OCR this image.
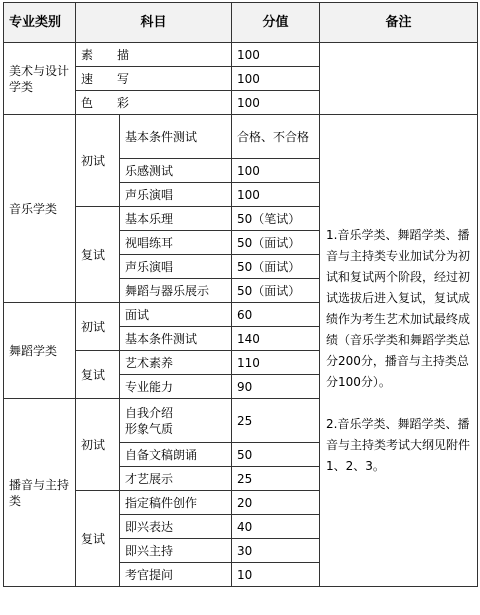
专业类别	科目		分值	备注
美术与设计学类	素　　描		100	
	速　　写		100	
	色　　彩		100	
音乐学类	初试	基本条件测试	合格、不合格	1.音乐学类、舞蹈学类、播音与主持类专业加试分为初试和复试两个阶段，经过初试选拔后进入复试，复试成绩作为考生艺术加试最终成绩（音乐学类和舞蹈学类总分200分，播音与主持类总分100分）。
2.音乐学类、舞蹈学类、播音与主持类考试大纲见附件1、2、3。

		乐感测试	100	
		声乐演唱	100	
	复试	基本乐理	50（笔试）	
		视唱练耳	50（面试）	
		声乐演唱	50（面试）	
		舞蹈与器乐展示	50（面试）	
舞蹈学类	初试	面试	60	
		基本条件测试	140	
	复试	艺术素养	110	
		专业能力	90	
播音与主持类	初试	自我介绍
形象气质	25	
		自备文稿朗诵	50	
		才艺展示	25	
	复试	指定稿件创作	20	
		即兴表达	40	
		即兴主持	30	
		考官提问	10	
